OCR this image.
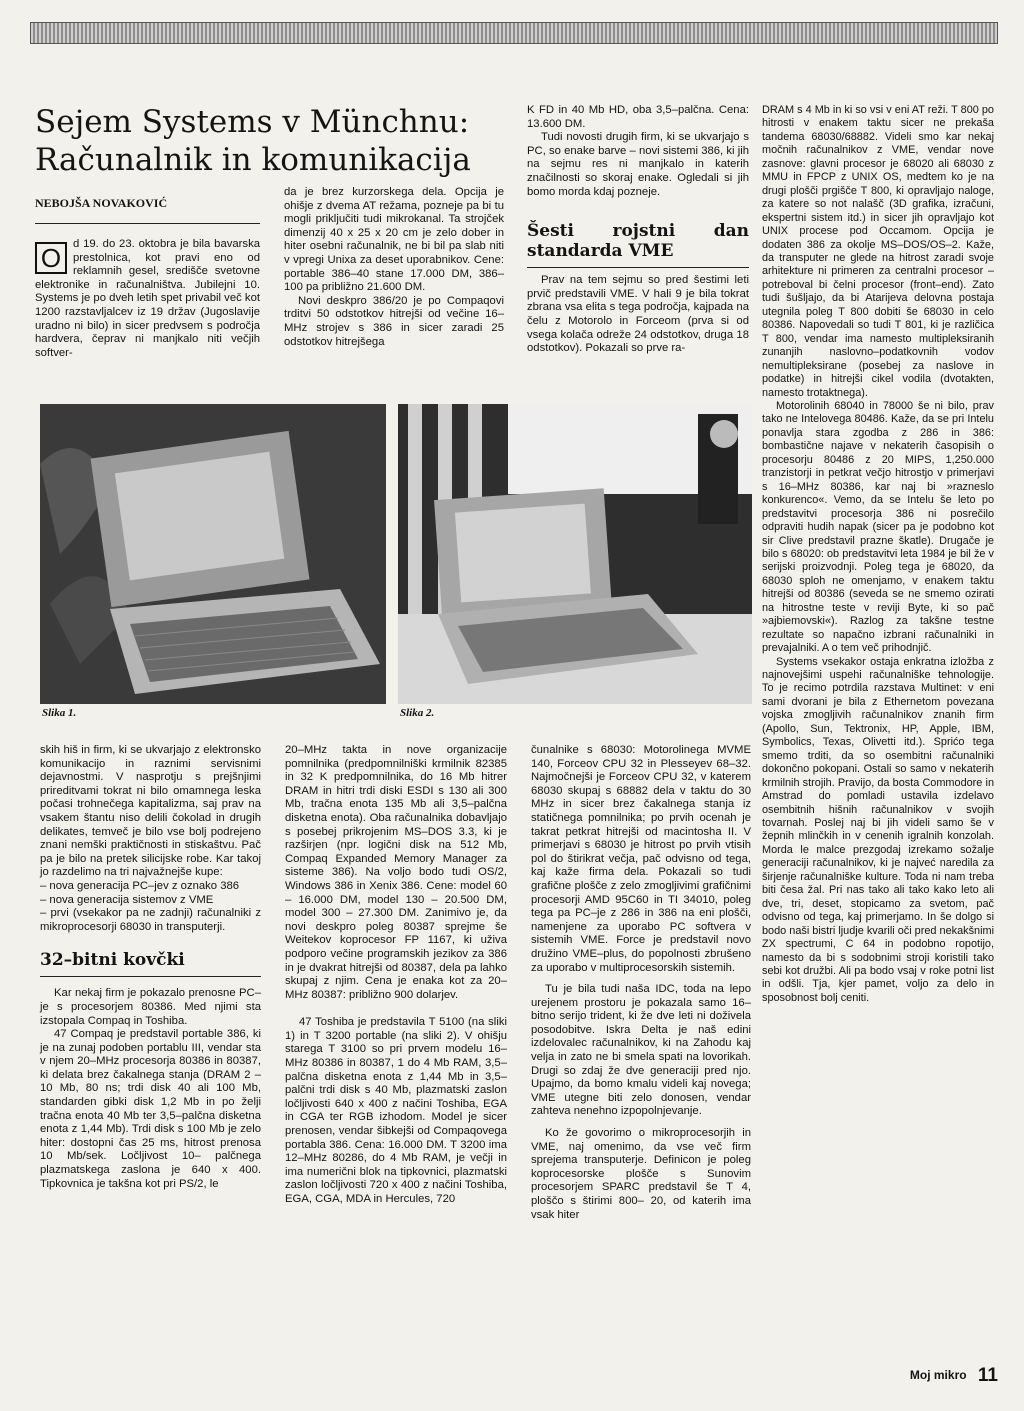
Sejem Systems v Münchnu:
Računalnik in komunikacija
NEBOJŠA NOVAKOVIĆ
O	d 19. do 23. oktobra je bila bavarska prestolnica, kot pravi eno od reklamnih gesel, središče svetovne elektronike in računalništva. Jubilejni 10. Systems je po dveh letih spet privabil več kot 1200 razstavljalcev iz 19 držav (Jugoslavije uradno ni bilo) in sicer predvsem s področja hardvera, čeprav ni manjkalo niti večjih softver-

da je brez kurzorskega dela. Opcija je ohišje z dvema AT režama, pozneje pa bi tu mogli priključiti tudi mikrokanal. Ta strojček dimenzij 40 x 25 x 20 cm je zelo dober in hiter osebni računalnik, ne bi bil pa slab niti v vpregi Unixa za deset uporabnikov. Cene: portable 386–40 stane 17.000 DM, 386–100 pa približno 21.600 DM.

Novi deskpro 386/20 je po Compaqovi trditvi 50 odstotkov hitrejši od večine 16–MHz strojev s 386 in sicer zaradi 25 odstotkov hitrejšega

K FD in 40 Mb HD, oba 3,5–palčna. Cena: 13.600 DM.

Tudi novosti drugih firm, ki se ukvarjajo s PC, so enake barve – novi sistemi 386, ki jih na sejmu res ni manjkalo in katerih značilnosti so skoraj enake. Ogledali si jih bomo morda kdaj pozneje.

Šesti rojstni dan standarda VME

Prav na tem sejmu so pred šestimi leti prvič predstavili VME. V hali 9 je bila tokrat zbrana vsa elita s tega področja, kajpada na čelu z Motorolo in Forceom (prva si od vsega kolača odreže 24 odstotkov, druga 18 odstotkov). Pokazali so prve ra-

DRAM s 4 Mb in ki so vsi v eni AT reži. T 800 po hitrosti v enakem taktu sicer ne prekaša tandema 68030/68882. Videli smo kar nekaj močnih računalnikov z VME, vendar nove zasnove: glavni procesor je 68020 ali 68030 z MMU in FPCP z UNIX OS, medtem ko je na drugi plošči prgišče T 800, ki opravljajo naloge, za katere so not nalašč (3D grafika, izračuni, ekspertni sistem itd.) in sicer jih opravljajo kot UNIX procese pod Occamom. Opcija je dodaten 386 za okolje MS–DOS/OS–2. Kaže, da transputer ne glede na hitrost zaradi svoje arhitekture ni primeren za centralni procesor – potreboval bi čelni procesor (front–end). Zato tudi šušljajo, da bi Atarijeva delovna postaja utegnila poleg T 800 dobiti še 68030 in celo 80386. Napovedali so tudi T 801, ki je različica T 800, vendar ima namesto multipleksiranih zunanjih naslovno–podatkovnih vodov nemultipleksirane (posebej za naslove in podatke) in hitrejši cikel vodila (dvotakten, namesto trotaktnega).

Motorolinih 68040 in 78000 še ni bilo, prav tako ne Intelovega 80486. Kaže, da se pri Intelu ponavlja stara zgodba z 286 in 386: bombastične najave v nekaterih časopisih o procesorju 80486 z 20 MIPS, 1,250.000 tranzistorji in petkrat večjo hitrostjo v primerjavi s 16–MHz 80386, kar naj bi »razneslo konkurenco«. Vemo, da se Intelu še leto po predstavitvi procesorja 386 ni posrečilo odpraviti hudih napak (sicer pa je podobno kot sir Clive predstavil prazne škatle). Drugače je bilo s 68020: ob predstavitvi leta 1984 je bil že v serijski proizvodnji. Poleg tega je 68020, da 68030 sploh ne omenjamo, v enakem taktu hitrejši od 80386 (seveda se ne smemo ozirati na hitrostne teste v reviji Byte, ki so pač »ajbiemovski«). Razlog za takšne testne rezultate so napačno izbrani računalniki in prevajalniki. A o tem več prihodnjič.

Systems vsekakor ostaja enkratna izložba z najnovejšimi uspehi računalniške tehnologije. To je recimo potrdila razstava Multinet: v eni sami dvorani je bila z Ethernetom povezana vojska zmogljivih računalnikov znanih firm (Apollo, Sun, Tektronix, HP, Apple, IBM, Symbolics, Texas, Olivetti itd.). Sprićo tega smemo trditi, da so osembitni računalniki dokončno pokopani. Ostali so samo v nekaterih krmilnih strojih. Pravijo, da bosta Commodore in Amstrad do pomladi ustavila izdelavo osembitnih hišnih računalnikov v svojih tovarnah. Poslej naj bi jih videli samo še v žepnih mlinčkih in v cenenih igralnih konzolah. Morda le malce prezgodaj izrekamo sožalje generaciji računalnikov, ki je najveć naredila za širjenje računalniške kulture. Toda ni nam treba biti česa žal. Pri nas tako ali tako kako leto ali dve, tri, deset, stopicamo za svetom, pač odvisno od tega, kaj primerjamo. In še dolgo si bodo naši bistri ljudje kvarili oči pred nekakšnimi ZX spectrumi, C 64 in podobno ropotijo, namesto da bi s sodobnimi stroji koristili tako sebi kot družbi. Ali pa bodo vsaj v roke potni list in odšli. Tja, kjer pamet, voljo za delo in sposobnost bolj ceniti.

Slika 1.	Slika 2.

skih hiš in firm, ki se ukvarjajo z elektronsko komunikacijo in raznimi servisnimi dejavnostmi. V nasprotju s prejšnjimi prireditvami tokrat ni bilo omamnega leska počasi trohnečega kapitalizma, saj prav na vsakem štantu niso delili čokolad in drugih delikates, temveč je bilo vse bolj podrejeno znani nemški praktičnosti in stiskaštvu. Pač pa je bilo na pretek silicijske robe. Kar takoj jo razdelimo na tri najvažnejše kupe:

– nova generacija PC–jev z oznako 386
– nova generacija sistemov z VME
– prvi (vsekakor pa ne zadnji) računalniki z mikroprocesorji 68030 in transputerji.
32–bitni kovčki

Kar nekaj firm je pokazalo prenosne PC–je s procesorjem 80386. Med njimi sta izstopala Compaq in Toshiba.

47 Compaq je predstavil portable 386, ki je na zunaj podoben portablu III, vendar sta v njem 20–MHz procesorja 80386 in 80387, ki delata brez čakalnega stanja (DRAM 2 – 10 Mb, 80 ns; trdi disk 40 ali 100 Mb, standarden gibki disk 1,2 Mb in po želji tračna enota 40 Mb ter 3,5–palčna disketna enota z 1,44 Mb). Trdi disk s 100 Mb je zelo hiter: dostopni čas 25 ms, hitrost prenosa 10 Mb/sek. Ločljivost 10– palčnega plazmatskega zaslona je 640 x 400. Tipkovnica je takšna kot pri PS/2, le

20–MHz takta in nove organizacije pomnilnika (predpomnilniški krmilnik 82385 in 32 K predpomnilnika, do 16 Mb hitrer DRAM in hitri trdi diski ESDI s 130 ali 300 Mb, tračna enota 135 Mb ali 3,5–palčna disketna enota). Oba računalnika dobavljajo s posebej prikrojenim MS–DOS 3.3, ki je razširjen (npr. logični disk na 512 Mb, Compaq Expanded Memory Manager za sisteme 386). Na voljo bodo tudi OS/2, Windows 386 in Xenix 386. Cene: model 60 – 16.000 DM, model 130 – 20.500 DM, model 300 – 27.300 DM. Zanimivo je, da novi deskpro poleg 80387 sprejme še Weitekov koprocesor FP 1167, ki uživa podporo večine programskih jezikov za 386 in je dvakrat hitrejši od 80387, dela pa lahko skupaj z njim. Cena je enaka kot za 20–MHz 80387: približno 900 dolarjev.

47 Toshiba je predstavila T 5100 (na sliki 1) in T 3200 portable (na sliki 2). V ohišju starega T 3100 so pri prvem modelu 16–MHz 80386 in 80387, 1 do 4 Mb RAM, 3,5–palčna disketna enota z 1,44 Mb in 3,5–palčni trdi disk s 40 Mb, plazmatski zaslon ločljivosti 640 x 400 z načini Toshiba, EGA in CGA ter RGB izhodom. Model je sicer prenosen, vendar šibkejši od Compaqovega portabla 386. Cena: 16.000 DM. T 3200 ima 12–MHz 80286, do 4 Mb RAM, je večji in ima numerični blok na tipkovnici, plazmatski zaslon ločljivosti 720 x 400 z načini Toshiba, EGA, CGA, MDA in Hercules, 720

čunalnike s 68030: Motorolinega MVME 140, Forceov CPU 32 in Plesseyev 68–32. Najmočnejši je Forceov CPU 32, v katerem 68030 skupaj s 68882 dela v taktu do 30 MHz in sicer brez čakalnega stanja iz statičnega pomnilnika; po prvih ocenah je takrat petkrat hitrejši od macintosha II. V primerjavi s 68030 je hitrost po prvih vtisih pol do štirikrat večja, pač odvisno od tega, kaj kaže firma dela. Pokazali so tudi grafične plošče z zelo zmogljivimi grafičnimi procesorji AMD 95C60 in TI 34010, poleg tega pa PC–je z 286 in 386 na eni plošči, namenjene za uporabo PC softvera v sistemih VME. Force je predstavil novo družino VME–plus, do popolnosti zbrušeno za uporabo v multiprocesorskih sistemih.

Tu je bila tudi naša IDC, toda na lepo urejenem prostoru je pokazala samo 16–bitno serijo trident, ki že dve leti ni doživela posodobitve. Iskra Delta je naš edini izdelovalec računalnikov, ki na Zahodu kaj velja in zato ne bi smela spati na lovorikah. Drugi so zdaj že dve generaciji pred njo. Upajmo, da bomo kmalu videli kaj novega; VME utegne biti zelo donosen, vendar zahteva nenehno izpopolnjevanje.

Ko že govorimo o mikroprocesorjih in VME, naj omenimo, da vse več firm sprejema transputerje. Definicon je poleg koprocesorske plošče s Sunovim procesorjem SPARC predstavil še T 4, ploščo s štirimi 800– 20, od katerih ima vsak hiter

Moj mikro 11
